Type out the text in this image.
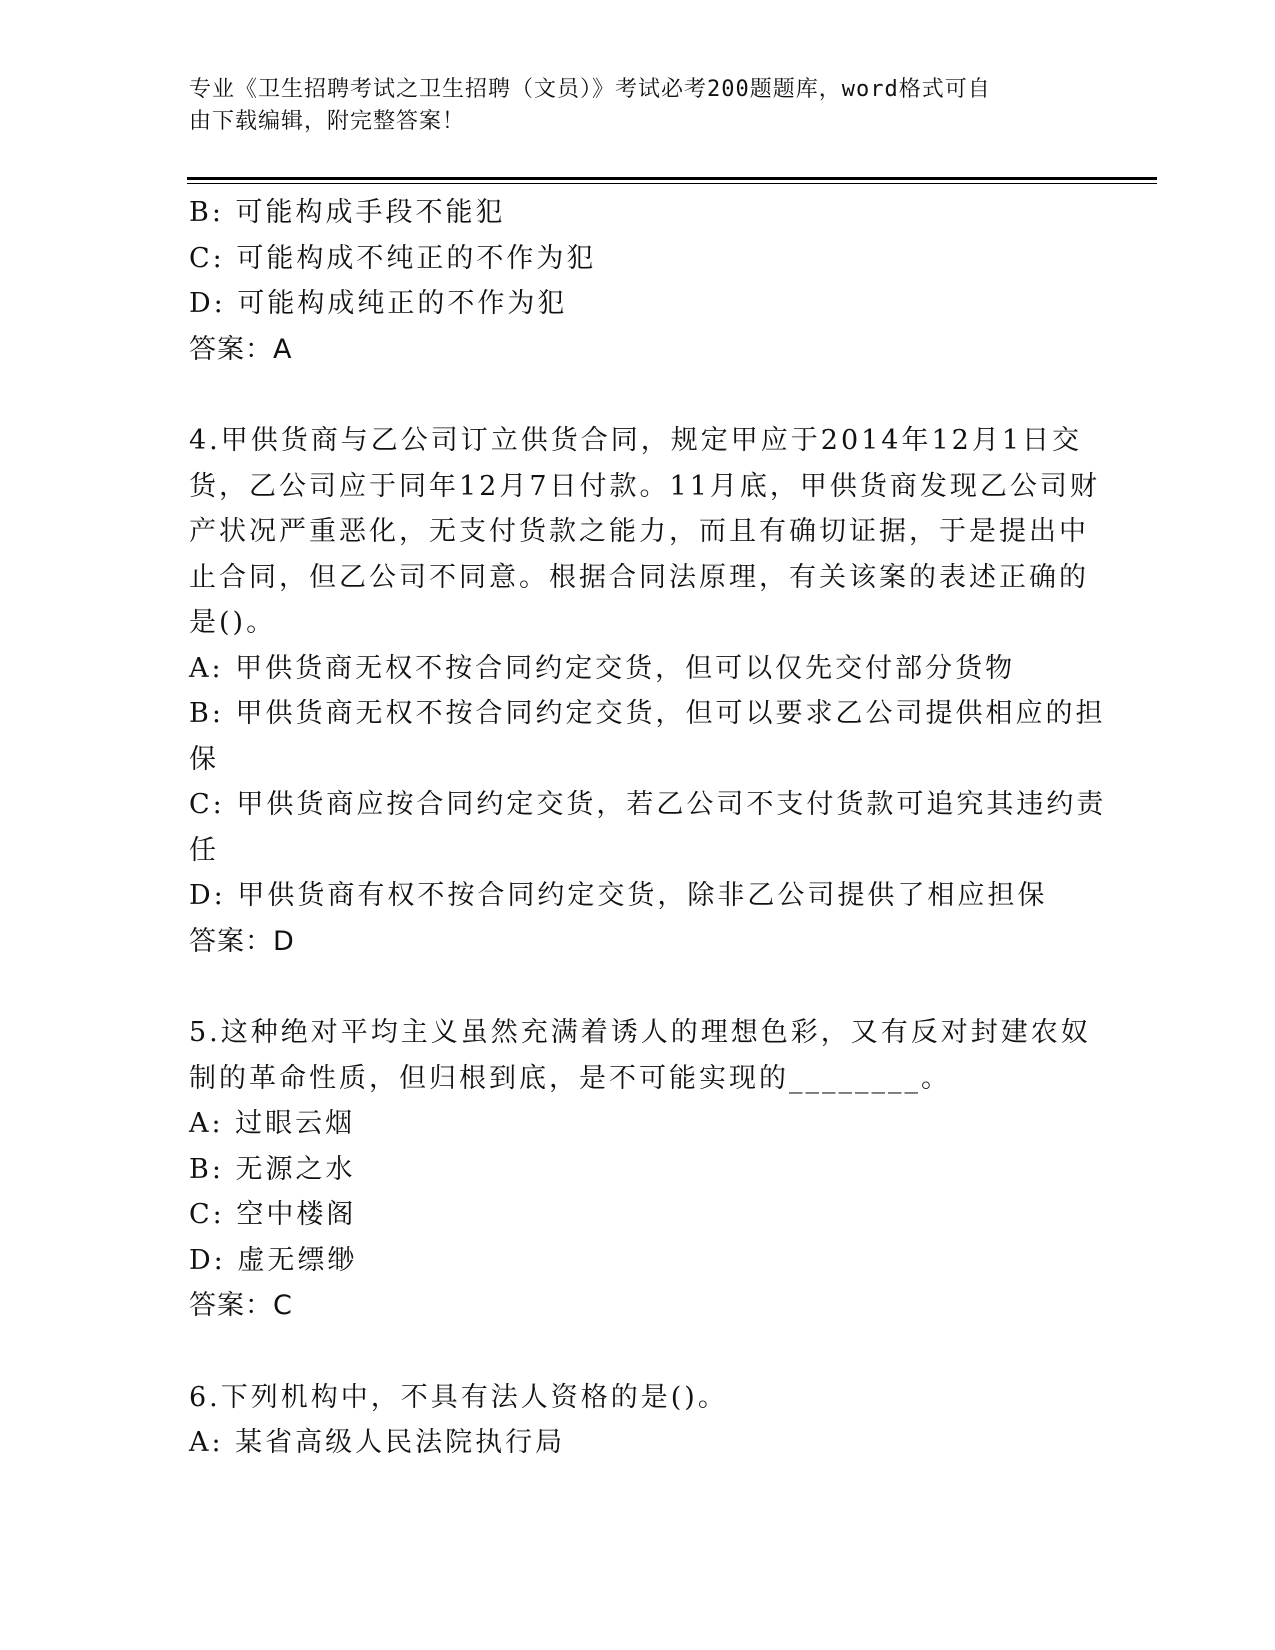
专业《卫生招聘考试之卫生招聘（文员）》考试必考200题题库，word格式可自
由下载编辑，附完整答案！
B: 可能构成手段不能犯
C: 可能构成不纯正的不作为犯
D: 可能构成纯正的不作为犯
答案：A
4.甲供货商与乙公司订立供货合同，规定甲应于2014年12月1日交
货，乙公司应于同年12月7日付款。11月底，甲供货商发现乙公司财
产状况严重恶化，无支付货款之能力，而且有确切证据，于是提出中
止合同，但乙公司不同意。根据合同法原理，有关该案的表述正确的
是()。
A: 甲供货商无权不按合同约定交货，但可以仅先交付部分货物
B: 甲供货商无权不按合同约定交货，但可以要求乙公司提供相应的担
保
C: 甲供货商应按合同约定交货，若乙公司不支付货款可追究其违约责
任
D: 甲供货商有权不按合同约定交货，除非乙公司提供了相应担保
答案：D
5.这种绝对平均主义虽然充满着诱人的理想色彩，又有反对封建农奴
制的革命性质，但归根到底，是不可能实现的________。
A: 过眼云烟
B: 无源之水
C: 空中楼阁
D: 虚无缥缈
答案：C
6.下列机构中，不具有法人资格的是()。
A: 某省高级人民法院执行局
